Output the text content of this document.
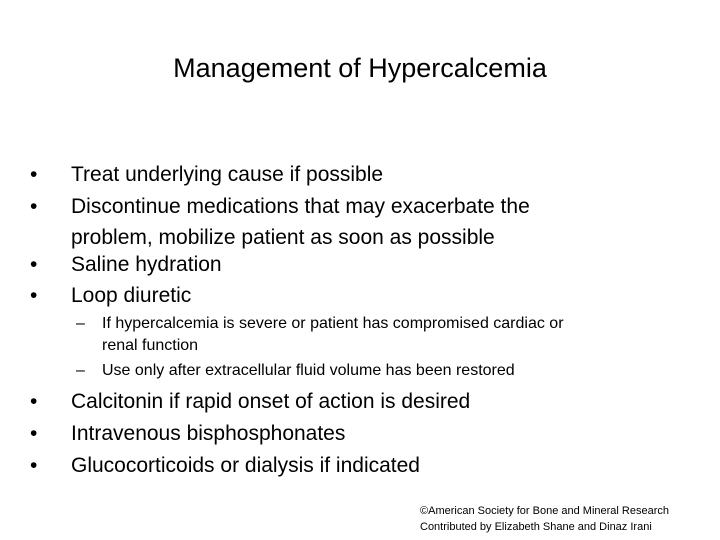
Management of Hypercalcemia
•	Treat underlying cause if possible
•	Discontinue medications that may exacerbate the
problem, mobilize patient as soon as possible
•	Saline hydration
•	Loop diuretic
– If hypercalcemia is severe or patient has compromised cardiac or
renal function
– Use only after extracellular fluid volume has been restored
•	Calcitonin if rapid onset of action is desired
•	Intravenous bisphosphonates
•	Glucocorticoids or dialysis if indicated
©American Society for Bone and Mineral Research
Contributed by Elizabeth Shane and Dinaz Irani
